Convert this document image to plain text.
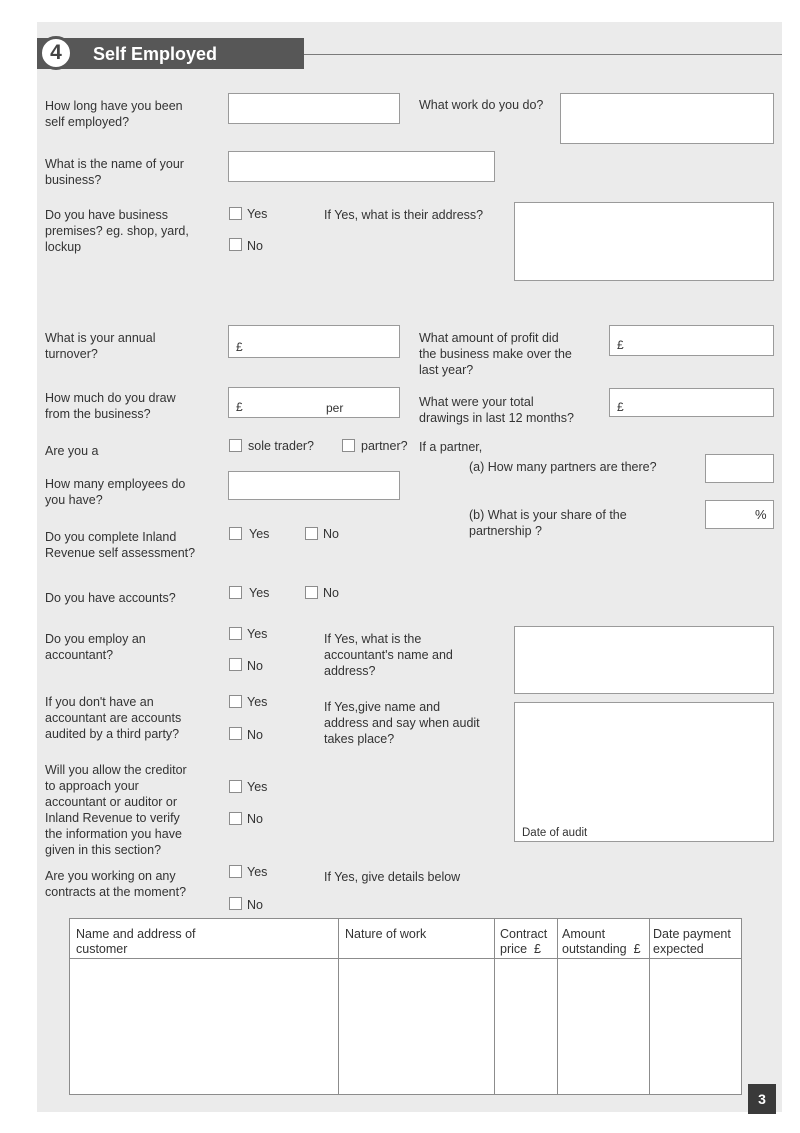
4	Self Employed
How long have you been
self employed?
What work do you do?
What is the name of your
business?
Do you have business
premises? eg. shop, yard,
lockup
Yes
No
If Yes, what is their address?
What is your annual
turnover?	£
What amount of profit did
the business make over the
last year?
£
How much do you draw
from the business?	£	per	What were your total
drawings in last 12 months?
£
Are you a	sole trader?	partner? If a partner,
(a) How many partners are there?
How many employees do
you have?
(b) What is your share of the
partnership ?
%
Do you complete Inland
Revenue self assessment?
Yes	No
Do you have accounts?	Yes	No
Do you employ an
accountant?
Yes
No
If Yes, what is the
accountant's name and
address?
If you don't have an
accountant are accounts
audited by a third party?
Yes
No
If Yes,give name and
address and say when audit
takes place?
Date of audit
Will you allow the creditor
to approach your
accountant or auditor or
Inland Revenue to verify
the information you have
given in this section?
Yes
No
Are you working on any
contracts at the moment?
Yes
No
If Yes, give details below
Name and address of
customer	Nature of work	Contract
price  £	Amount
outstanding  £	Date payment
expected

3
